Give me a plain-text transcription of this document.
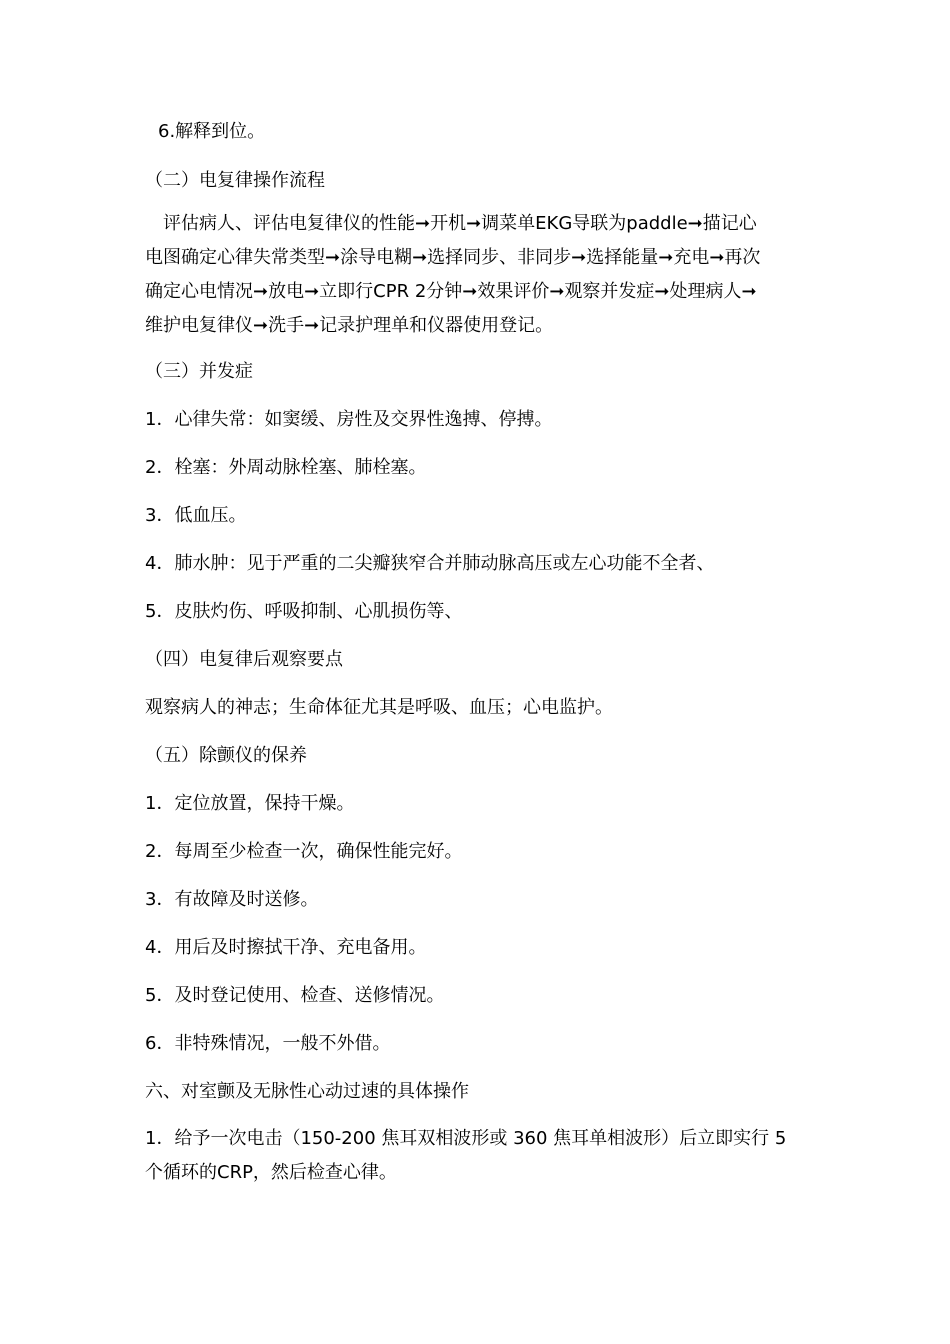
6.解释到位。

（二）电复律操作流程

　评估病人、评估电复律仪的性能➞开机➞调菜单EKG导联为paddle➞描记心
电图确定心律失常类型➞涂导电糊➞选择同步、非同步➞选择能量➞充电➞再次
确定心电情况➞放电➞立即行CPR 2分钟➞效果评价➞观察并发症➞处理病人➞
维护电复律仪➞洗手➞记录护理单和仪器使用登记。

（三）并发症

1．心律失常：如窦缓、房性及交界性逸搏、停搏。

2．栓塞：外周动脉栓塞、肺栓塞。

3．低血压。

4．肺水肿：见于严重的二尖瓣狭窄合并肺动脉高压或左心功能不全者、

5．皮肤灼伤、呼吸抑制、心肌损伤等、

（四）电复律后观察要点

观察病人的神志；生命体征尤其是呼吸、血压；心电监护。

（五）除颤仪的保养

1．定位放置，保持干燥。

2．每周至少检查一次，确保性能完好。

3．有故障及时送修。

4．用后及时擦拭干净、充电备用。

5．及时登记使用、检查、送修情况。

6．非特殊情况，一般不外借。

六、对室颤及无脉性心动过速的具体操作

1．给予一次电击（150-200 焦耳双相波形或 360 焦耳单相波形）后立即实行 5
个循环的CRP，然后检查心律。
